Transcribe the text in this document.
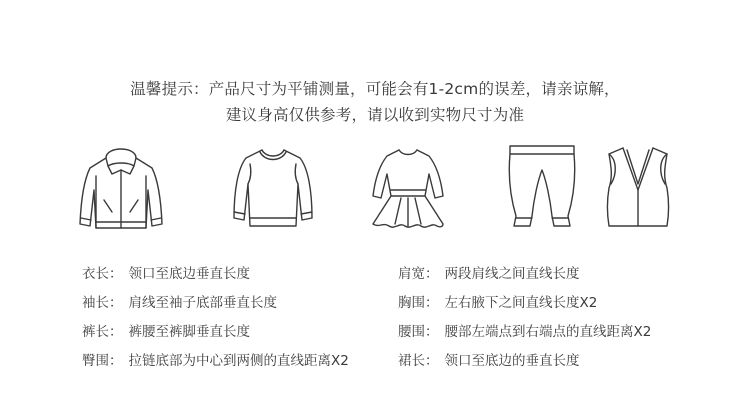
温馨提示：产品尺寸为平铺测量，可能会有1-2cm的误差，请亲谅解，
建议身高仅供参考，请以收到实物尺寸为准
衣长： 领口至底边垂直长度
袖长： 肩线至袖子底部垂直长度
裤长： 裤腰至裤脚垂直长度
臀围： 拉链底部为中心到两侧的直线距离X2
肩宽： 两段肩线之间直线长度
胸围： 左右腋下之间直线长度X2
腰围： 腰部左端点到右端点的直线距离X2
裙长： 领口至底边的垂直长度
